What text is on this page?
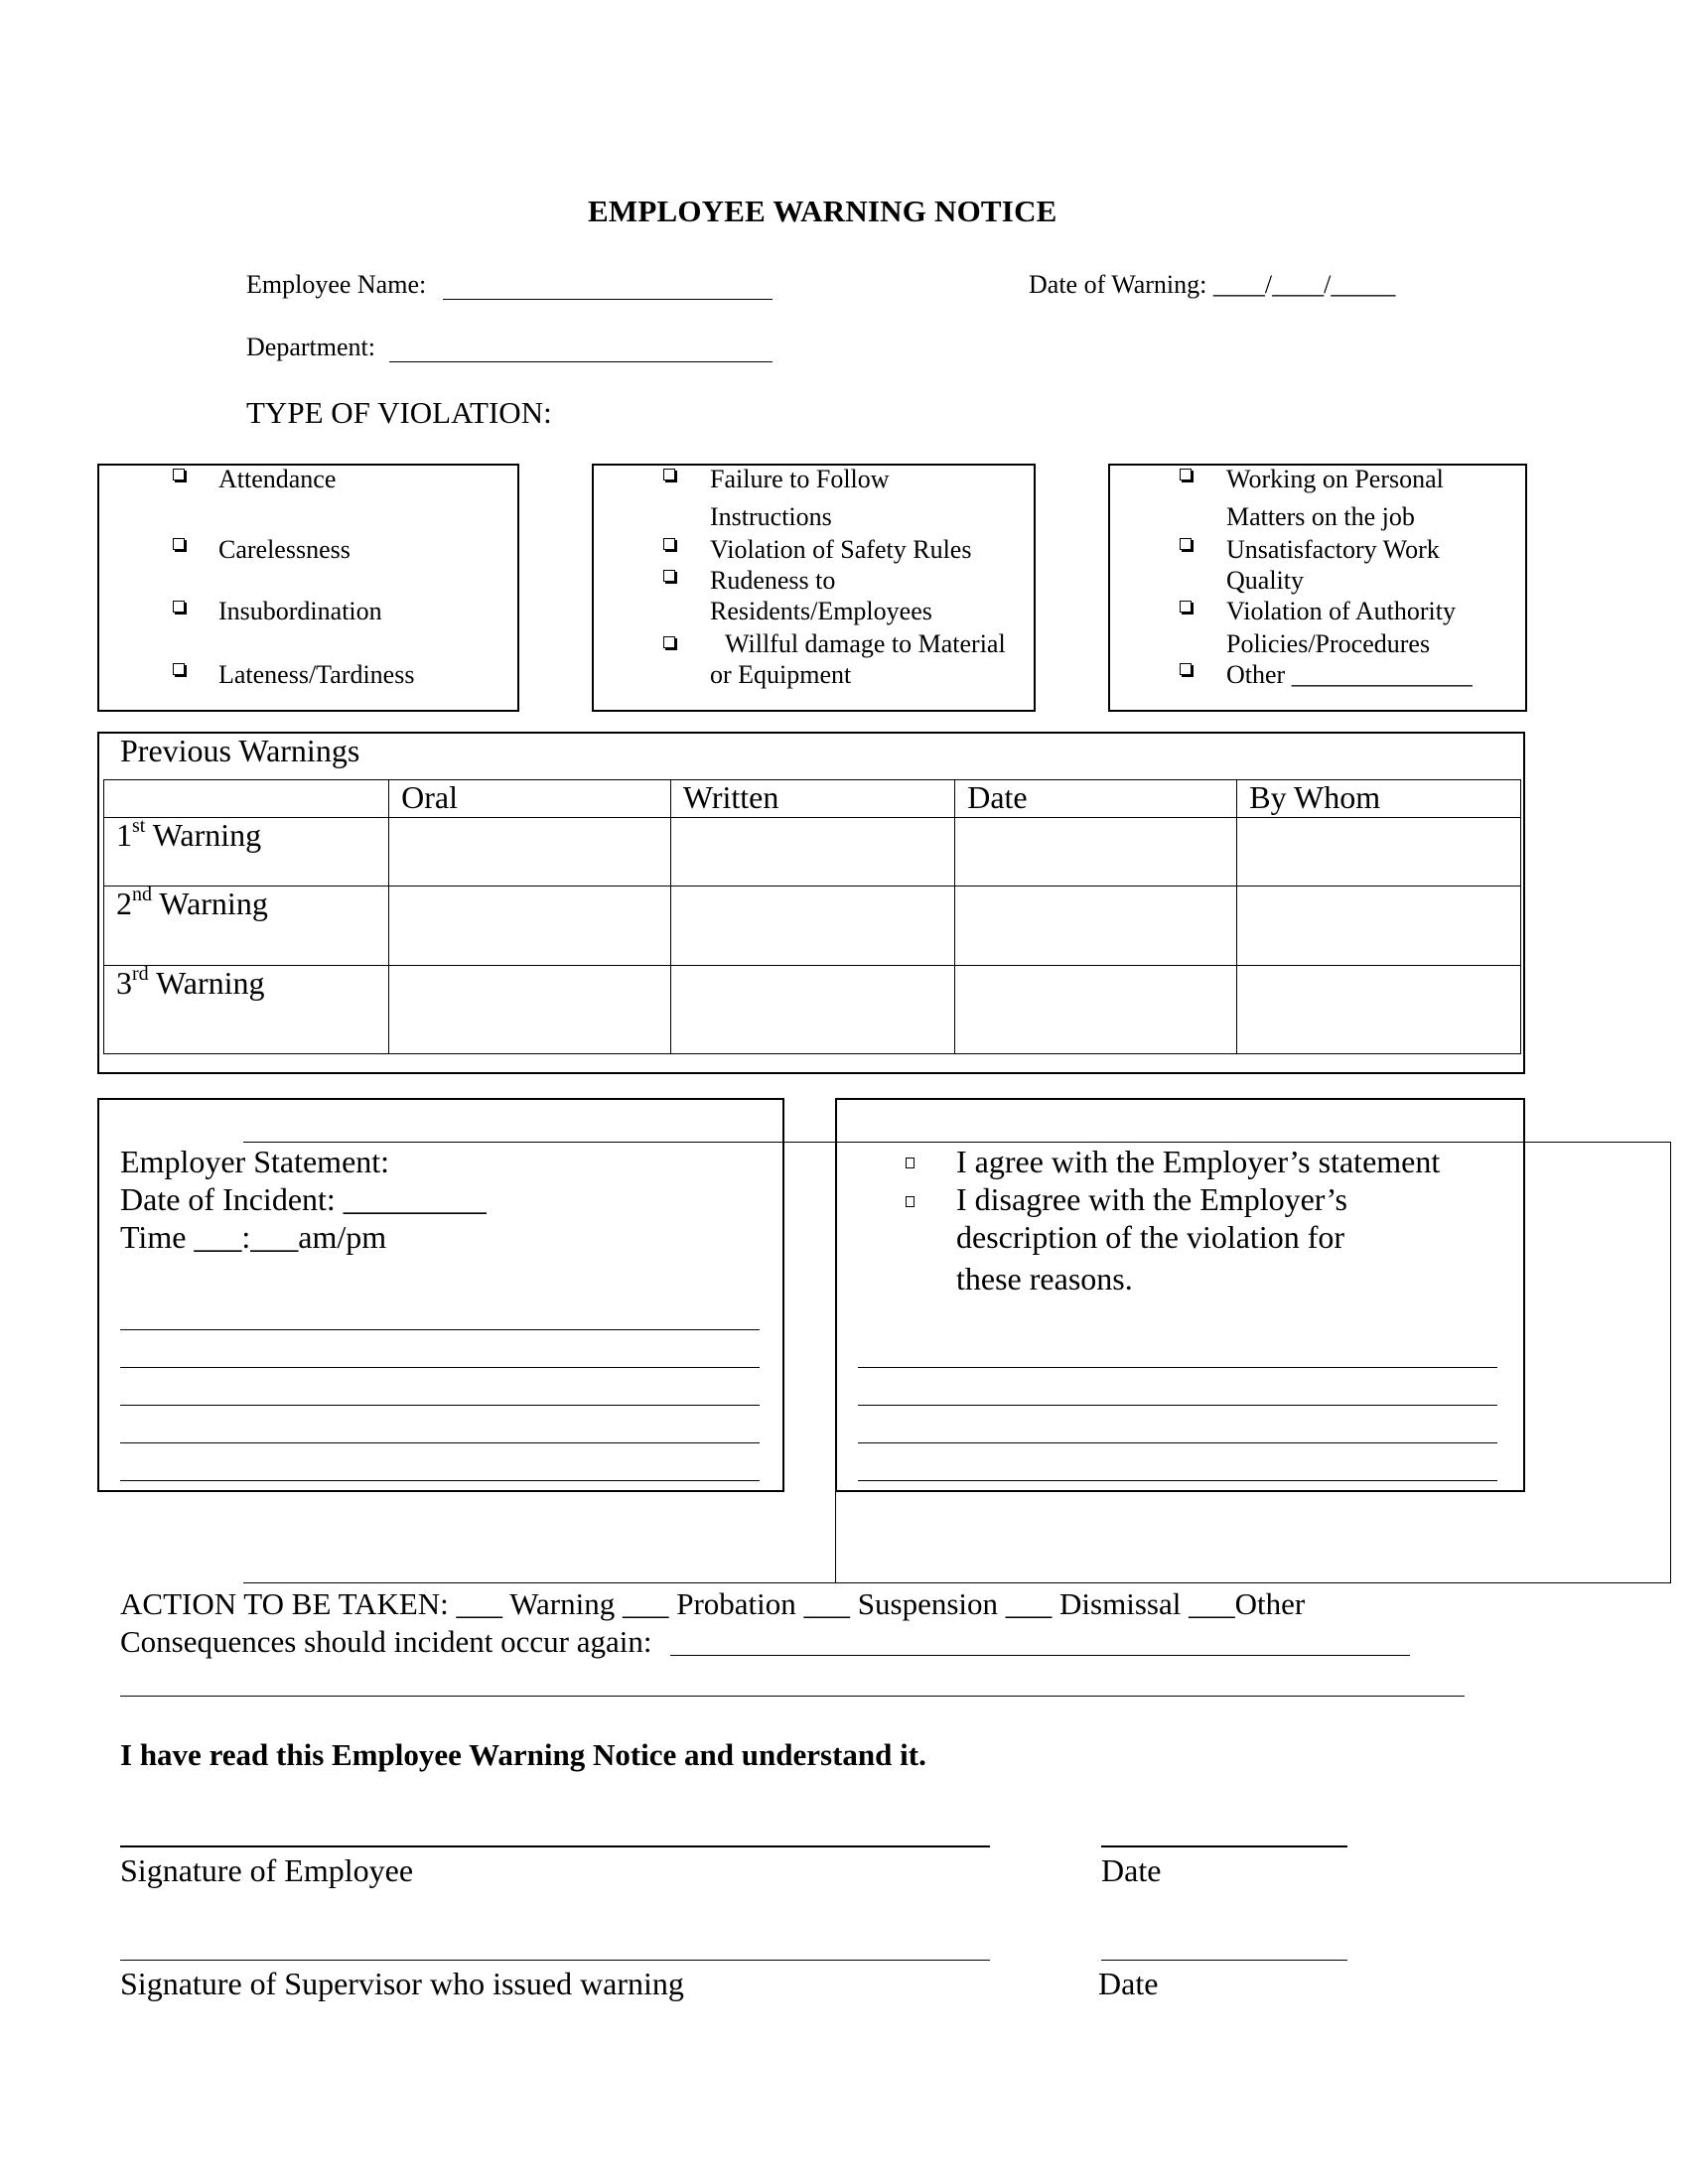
EMPLOYEE WARNING NOTICE
Employee Name:	Date of Warning: ____/____/_____
Department:
TYPE OF VIOLATION:
Attendance
Carelessness
Insubordination
Lateness/Tardiness
Failure to Follow
Instructions
Violation of Safety Rules
Rudeness to
Residents/Employees
Willful damage to Material
or Equipment
Working on Personal
Matters on the job
Unsatisfactory Work
Quality
Violation of Authority
Policies/Procedures
Other ______________
Previous Warnings
	Oral	Written	Date	By Whom
1st Warning				
2nd Warning				
3rd Warning				
Employer Statement:
Date of Incident: _________
Time ___:___am/pm
I agree with the Employer’s statement
I disagree with the Employer’s
description of the violation for
these reasons.
ACTION TO BE TAKEN: ___ Warning ___ Probation ___ Suspension ___ Dismissal ___Other
Consequences should incident occur again:
I have read this Employee Warning Notice and understand it.
Signature of Employee	Date
Signature of Supervisor who issued warning	Date
